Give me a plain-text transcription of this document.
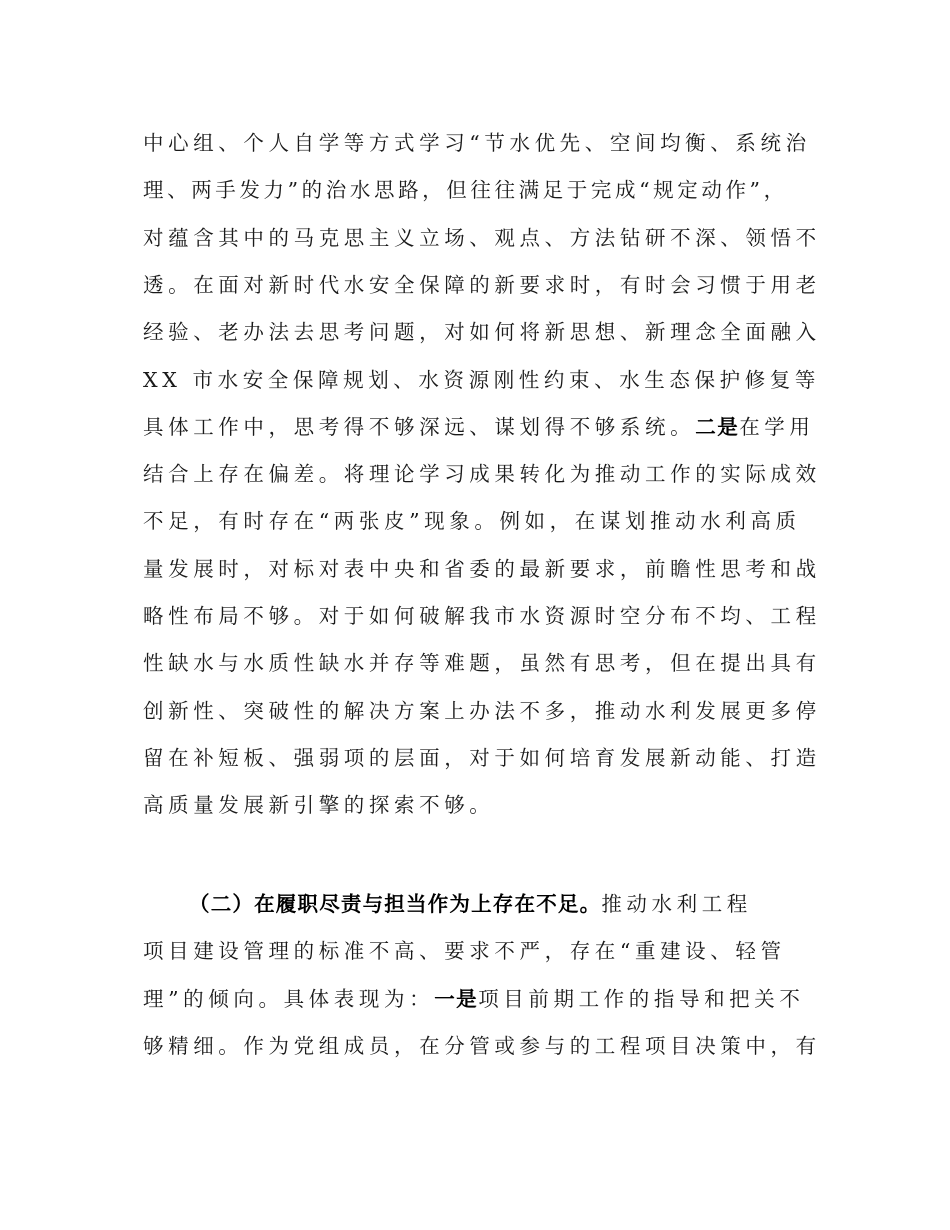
中心组、个人自学等方式学习“节水优先、空间均衡、系统治
理、两手发力”的治水思路，但往往满足于完成“规定动作”，
对蕴含其中的马克思主义立场、观点、方法钻研不深、领悟不
透。在面对新时代水安全保障的新要求时，有时会习惯于用老
经验、老办法去思考问题，对如何将新思想、新理念全面融入
XX 市水安全保障规划、水资源刚性约束、水生态保护修复等
具体工作中，思考得不够深远、谋划得不够系统。二是在学用
结合上存在偏差。将理论学习成果转化为推动工作的实际成效
不足，有时存在“两张皮”现象。例如，在谋划推动水利高质
量发展时，对标对表中央和省委的最新要求，前瞻性思考和战
略性布局不够。对于如何破解我市水资源时空分布不均、工程
性缺水与水质性缺水并存等难题，虽然有思考，但在提出具有
创新性、突破性的解决方案上办法不多，推动水利发展更多停
留在补短板、强弱项的层面，对于如何培育发展新动能、打造
高质量发展新引擎的探索不够。
（二）在履职尽责与担当作为上存在不足。推动水利工程
项目建设管理的标准不高、要求不严，存在“重建设、轻管
理”的倾向。具体表现为：一是项目前期工作的指导和把关不
够精细。作为党组成员，在分管或参与的工程项目决策中，有
